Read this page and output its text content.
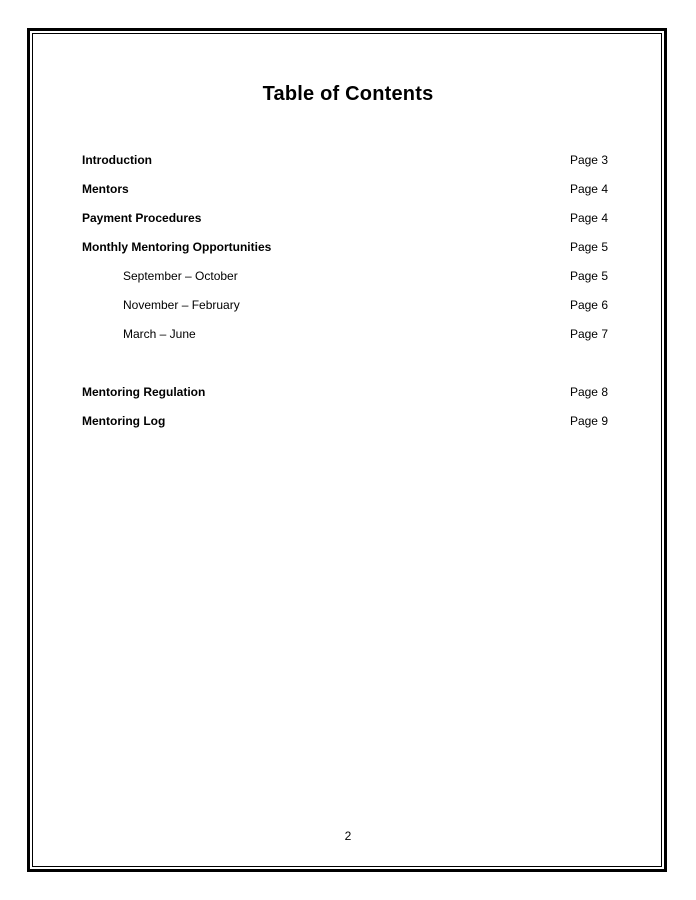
Table of Contents
Introduction	Page 3
Mentors	Page 4
Payment Procedures	Page 4
Monthly Mentoring Opportunities	Page 5
September – October	Page 5
November – February	Page 6
March – June	Page 7
Mentoring Regulation	Page 8
Mentoring Log	Page 9
2
